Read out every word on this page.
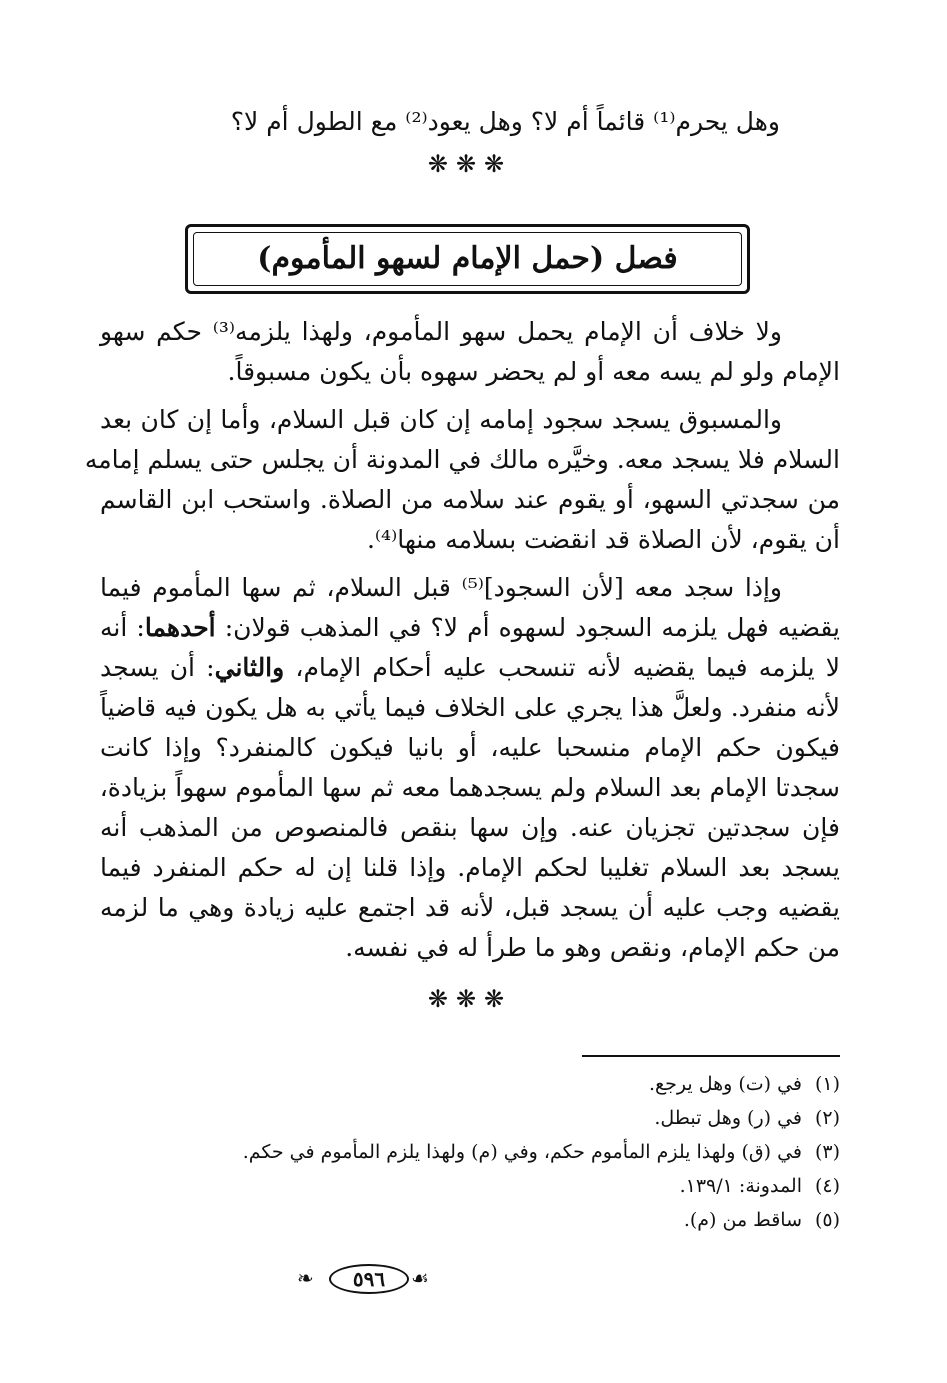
وهل يحرم⁽¹⁾ قائماً أم لا؟ وهل يعود⁽²⁾ مع الطول أم لا؟
❋❋❋
فصل (حمل الإمام لسهو المأموم)
ولا خلاف أن الإمام يحمل سهو المأموم، ولهذا يلزمه⁽³⁾ حكم سهو
الإمام ولو لم يسه معه أو لم يحضر سهوه بأن يكون مسبوقاً.
والمسبوق يسجد سجود إمامه إن كان قبل السلام، وأما إن كان بعد
السلام فلا يسجد معه. وخيَّره مالك في المدونة أن يجلس حتى يسلم إمامه
من سجدتي السهو، أو يقوم عند سلامه من الصلاة. واستحب ابن القاسم
أن يقوم، لأن الصلاة قد انقضت بسلامه منها⁽⁴⁾.
وإذا سجد معه [لأن السجود]⁽⁵⁾ قبل السلام، ثم سها المأموم فيما
يقضيه فهل يلزمه السجود لسهوه أم لا؟ في المذهب قولان: أحدهما: أنه
لا يلزمه فيما يقضيه لأنه تنسحب عليه أحكام الإمام، والثاني: أن يسجد
لأنه منفرد. ولعلَّ هذا يجري على الخلاف فيما يأتي به هل يكون فيه قاضياً
فيكون حكم الإمام منسحبا عليه، أو بانيا فيكون كالمنفرد؟ وإذا كانت
سجدتا الإمام بعد السلام ولم يسجدهما معه ثم سها المأموم سهواً بزيادة،
فإن سجدتين تجزيان عنه. وإن سها بنقص فالمنصوص من المذهب أنه
يسجد بعد السلام تغليبا لحكم الإمام. وإذا قلنا إن له حكم المنفرد فيما
يقضيه وجب عليه أن يسجد قبل، لأنه قد اجتمع عليه زيادة وهي ما لزمه
من حكم الإمام، ونقص وهو ما طرأ له في نفسه.
❋❋❋
(١)في (ت) وهل يرجع.
(٢)في (ر) وهل تبطل.
(٣)في (ق) ولهذا يلزم المأموم حكم، وفي (م) ولهذا يلزم المأموم في حكم.
(٤)المدونة: ١٣٩/١.
(٥)ساقط من (م).
❧	٥٩٦	☙
